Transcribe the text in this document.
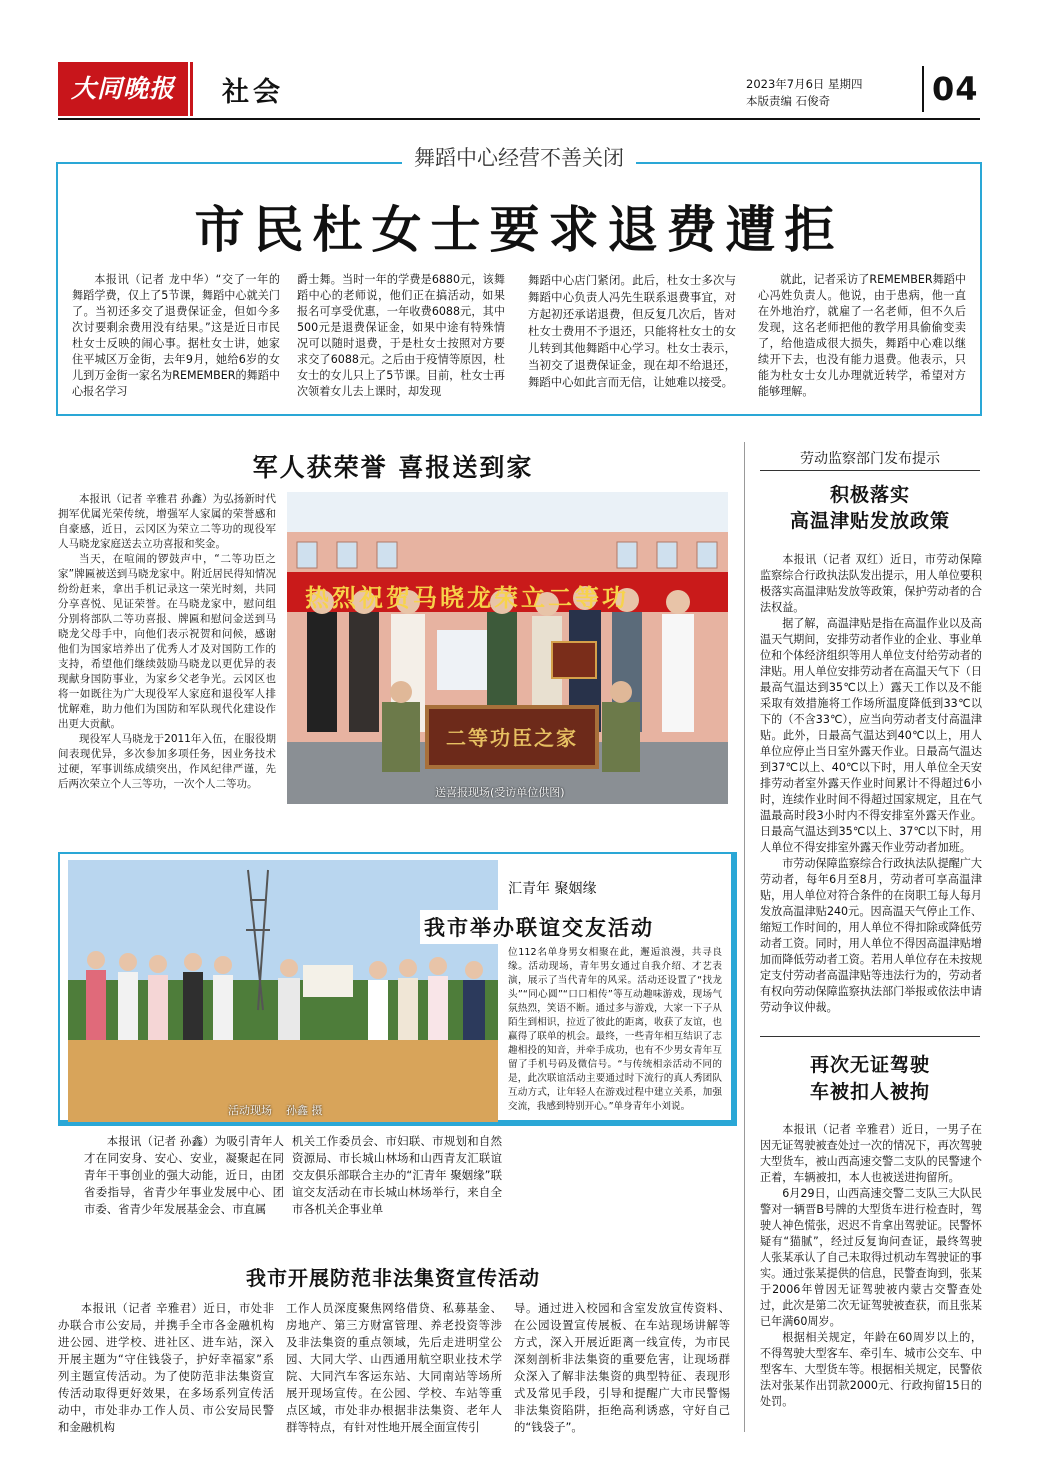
大同晚报	社会	2023年7月6日 星期四
本版责编 石俊奇	04
舞蹈中心经营不善关闭
市民杜女士要求退费遭拒

本报讯（记者 龙中华）“交了一年的舞蹈学费，仅上了5节课，舞蹈中心就关门了。当初还多交了退费保证金，但如今多次讨要剩余费用没有结果。”这是近日市民杜女士反映的闹心事。据杜女士讲，她家住平城区万金街，去年9月，她给6岁的女儿到万金街一家名为REMEMBER的舞蹈中心报名学习

爵士舞。当时一年的学费是6880元，该舞蹈中心的老师说，他们正在搞活动，如果报名可享受优惠，一年收费6088元，其中500元是退费保证金，如果中途有特殊情况可以随时退费，于是杜女士按照对方要求交了6088元。之后由于疫情等原因，杜女士的女儿只上了5节课。目前，杜女士再次领着女儿去上课时，却发现

舞蹈中心店门紧闭。此后，杜女士多次与舞蹈中心负责人冯先生联系退费事宜，对方起初还承诺退费，但反复几次后，皆对杜女士费用不予退还，只能将杜女士的女儿转到其他舞蹈中心学习。杜女士表示，当初交了退费保证金，现在却不给退还，舞蹈中心如此言而无信，让她难以接受。

就此，记者采访了REMEMBER舞蹈中心冯姓负责人。他说，由于患病，他一直在外地治疗，就雇了一名老师，但不久后发现，这名老师把他的教学用具偷偷变卖了，给他造成很大损失，舞蹈中心难以继续开下去，也没有能力退费。他表示，只能为杜女士女儿办理就近转学，希望对方能够理解。

军人获荣誉 喜报送到家

本报讯（记者 辛雅君 孙鑫）为弘扬新时代拥军优属光荣传统，增强军人家属的荣誉感和自豪感，近日，云冈区为荣立二等功的现役军人马晓龙家庭送去立功喜报和奖金。

当天，在喧闹的锣鼓声中，“二等功臣之家”牌匾被送到马晓龙家中。附近居民得知情况纷纷赶来，拿出手机记录这一荣光时刻，共同分享喜悦、见证荣誉。在马晓龙家中，慰问组分别将部队二等功喜报、牌匾和慰问金送到马晓龙父母手中，向他们表示祝贺和问候，感谢他们为国家培养出了优秀人才及对国防工作的支持，希望他们继续鼓励马晓龙以更优异的表现献身国防事业，为家乡父老争光。云冈区也将一如既往为广大现役军人家庭和退役军人排忧解难，助力他们为国防和军队现代化建设作出更大贡献。

现役军人马晓龙于2011年入伍，在服役期间表现优异，多次参加多项任务，因业务技术过硬，军事训练成绩突出，作风纪律严谨，先后两次荣立个人三等功，一次个人二等功。

热烈祝贺马晓龙荣立二等功
二等功臣之家
送喜报现场(受访单位供图)
活动现场    孙鑫 摄
汇青年 聚姻缘
我市举办联谊交友活动

位112名单身男女相聚在此，邂逅浪漫，共寻良缘。活动现场，青年男女通过自我介绍、才艺表演，展示了当代青年的风采。活动还设置了“找龙头”“同心圆”“口口相传”等互动趣味游戏，现场气氛热烈，笑语不断。通过多与游戏，大家一下子从陌生到相识，拉近了彼此的距离，收获了友谊，也赢得了联单的机会。最终，一些青年相互结识了志趣相投的知音，并牵手成功，也有不少男女青年互留了手机号码及微信号。“与传统相亲活动不同的是，此次联谊活动主要通过时下流行的真人秀团队互动方式，让年轻人在游戏过程中建立关系，加强交流，我感到特别开心。”单身青年小刘说。

本报讯（记者 孙鑫）为吸引青年人才在同安身、安心、安业，凝聚起在同青年干事创业的强大动能，近日，由团省委指导，省青少年事业发展中心、团市委、省青少年发展基金会、市直属

机关工作委员会、市妇联、市规划和自然资源局、市长城山林场和山西青友汇联谊交友俱乐部联合主办的“汇青年 聚姻缘”联谊交友活动在市长城山林场举行，来自全市各机关企事业单

我市开展防范非法集资宣传活动

本报讯（记者 辛雅君）近日，市处非办联合市公安局，并携手全市各金融机构进公园、进学校、进社区、进车站，深入开展主题为“守住钱袋子，护好幸福家”系列主题宣传活动。为了使防范非法集资宣传活动取得更好效果，在多场系列宣传活动中，市处非办工作人员、市公安局民警和金融机构

工作人员深度聚焦网络借贷、私募基金、房地产、第三方财富管理、养老投资等涉及非法集资的重点领域，先后走进明堂公园、大同大学、山西通用航空职业技术学院、大同汽车客运东站、大同南站等场所展开现场宣传。在公园、学校、车站等重点区域，市处非办根据非法集资、老年人群等特点，有针对性地开展全面宣传引

导。通过进入校园和含室发放宣传资料、在公园设置宣传展板、在车站现场讲解等方式，深入开展近距离一线宣传，为市民深刻剖析非法集资的重要危害，让现场群众深入了解非法集资的典型特征、表现形式及常见手段，引导和提醒广大市民警惕非法集资陷阱，拒绝高利诱惑，守好自己的“钱袋子”。

劳动监察部门发布提示
积极落实
高温津贴发放政策

本报讯（记者 双红）近日，市劳动保障监察综合行政执法队发出提示，用人单位要积极落实高温津贴发放等政策，保护劳动者的合法权益。

据了解，高温津贴是指在高温作业以及高温天气期间，安排劳动者作业的企业、事业单位和个体经济组织等用人单位支付给劳动者的津贴。用人单位安排劳动者在高温天气下（日最高气温达到35℃以上）露天工作以及不能采取有效措施将工作场所温度降低到33℃以下的（不含33℃），应当向劳动者支付高温津贴。此外，日最高气温达到40℃以上，用人单位应停止当日室外露天作业。日最高气温达到37℃以上、40℃以下时，用人单位全天安排劳动者室外露天作业时间累计不得超过6小时，连续作业时间不得超过国家规定，且在气温最高时段3小时内不得安排室外露天作业。日最高气温达到35℃以上、37℃以下时，用人单位不得安排室外露天作业劳动者加班。

市劳动保障监察综合行政执法队提醒广大劳动者，每年6月至8月，劳动者可享高温津贴，用人单位对符合条件的在岗职工每人每月发放高温津贴240元。因高温天气停止工作、缩短工作时间的，用人单位不得扣除或降低劳动者工资。同时，用人单位不得因高温津贴增加而降低劳动者工资。若用人单位存在未按规定支付劳动者高温津贴等违法行为的，劳动者有权向劳动保障监察执法部门举报或依法申请劳动争议仲裁。

再次无证驾驶
车被扣人被拘

本报讯（记者 辛雅君）近日，一男子在因无证驾驶被查处过一次的情况下，再次驾驶大型货车，被山西高速交警二支队的民警逮个正着，车辆被扣，本人也被送进拘留所。

6月29日，山西高速交警二支队三大队民警对一辆晋B号牌的大型货车进行检查时，驾驶人神色慌张，迟迟不肯拿出驾驶证。民警怀疑有“猫腻”，经过反复询问查证，最终驾驶人张某承认了自己未取得过机动车驾驶证的事实。通过张某提供的信息，民警查询到，张某于2006年曾因无证驾驶被内蒙古交警查处过，此次是第二次无证驾驶被查获，而且张某已年满60周岁。

根据相关规定，年龄在60周岁以上的，不得驾驶大型客车、牵引车、城市公交车、中型客车、大型货车等。根据相关规定，民警依法对张某作出罚款2000元、行政拘留15日的处罚。
